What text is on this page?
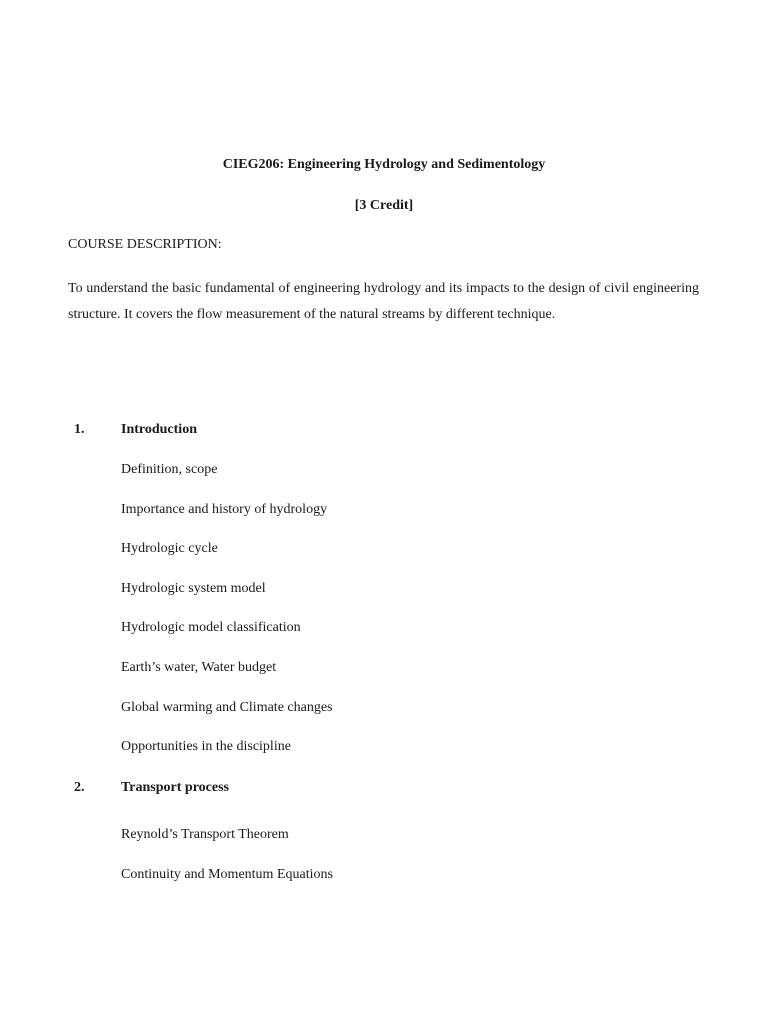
CIEG206: Engineering Hydrology and Sedimentology
[3 Credit]
COURSE DESCRIPTION:
To understand the basic fundamental of engineering hydrology and its impacts to the design of civil engineering structure. It covers the flow measurement of the natural streams by different technique.
1.	Introduction
Definition, scope
Importance and history of hydrology
Hydrologic cycle
Hydrologic system model
Hydrologic model classification
Earth’s water, Water budget
Global warming and Climate changes
Opportunities in the discipline
2.	Transport process
Reynold’s Transport Theorem
Continuity and Momentum Equations
